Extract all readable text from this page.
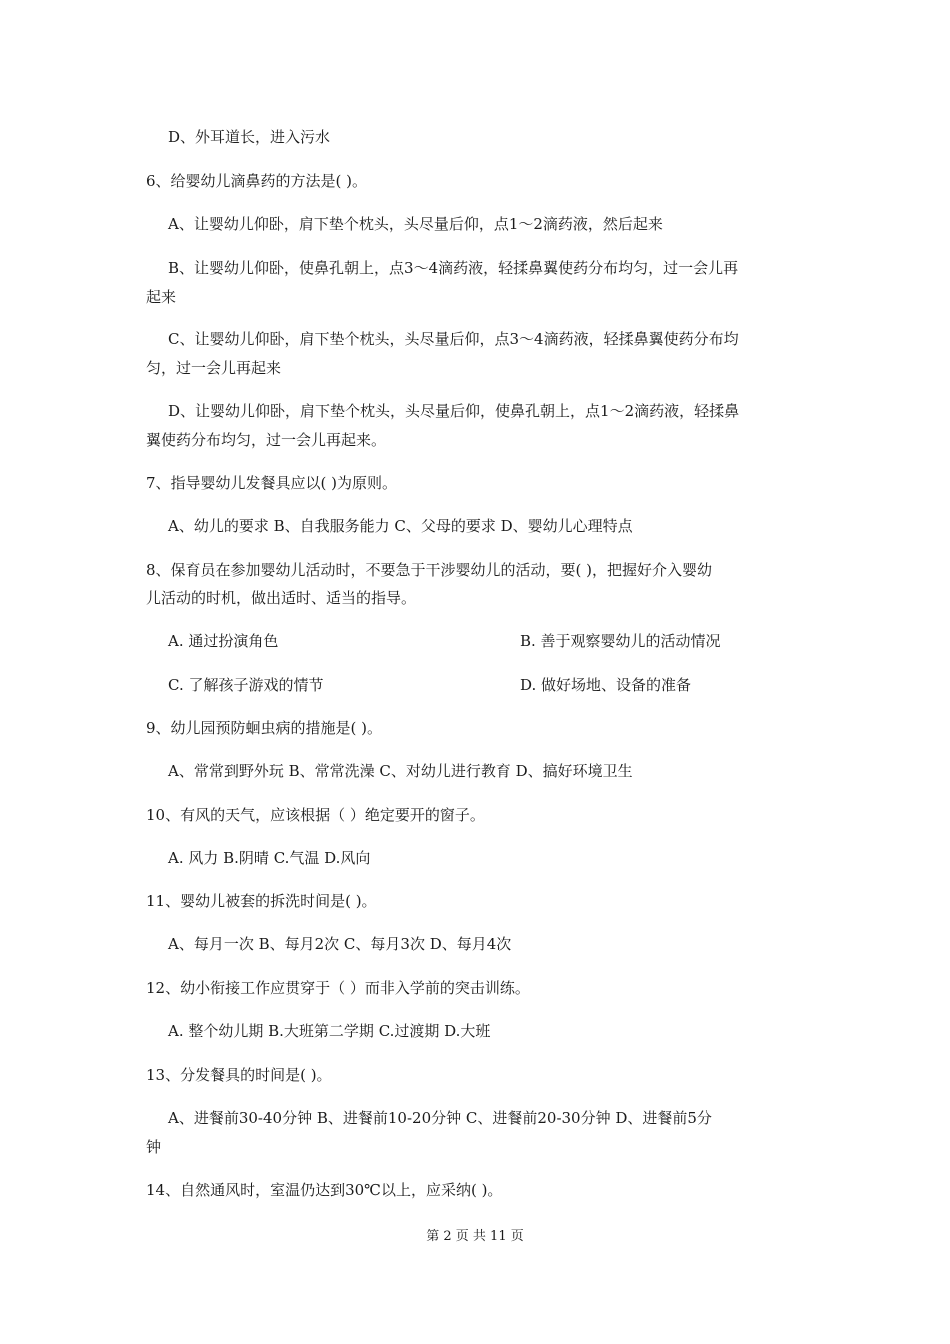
D、外耳道长，进入污水
6、给婴幼儿滴鼻药的方法是( )。
A、让婴幼儿仰卧，肩下垫个枕头，头尽量后仰，点1～2滴药液，然后起来
B、让婴幼儿仰卧，使鼻孔朝上，点3～4滴药液，轻揉鼻翼使药分布均匀，过一会儿再
起来
C、让婴幼儿仰卧，肩下垫个枕头，头尽量后仰，点3～4滴药液，轻揉鼻翼使药分布均
匀，过一会儿再起来
D、让婴幼儿仰卧，肩下垫个枕头，头尽量后仰，使鼻孔朝上，点1～2滴药液，轻揉鼻
翼使药分布均匀，过一会儿再起来。
7、指导婴幼儿发餐具应以( )为原则。
A、幼儿的要求 B、自我服务能力 C、父母的要求 D、婴幼儿心理特点
8、保育员在参加婴幼儿活动时，不要急于干涉婴幼儿的活动，要( )，把握好介入婴幼
儿活动的时机，做出适时、适当的指导。
A. 通过扮演角色	B. 善于观察婴幼儿的活动情况
C. 了解孩子游戏的情节	D. 做好场地、设备的准备
9、幼儿园预防蛔虫病的措施是( )。
A、常常到野外玩 B、常常洗澡 C、对幼儿进行教育 D、搞好环境卫生
10、有风的天气，应该根据（ ）绝定要开的窗子。
A. 风力 B.阴晴 C.气温 D.风向
11、婴幼儿被套的拆洗时间是( )。
A、每月一次 B、每月2次 C、每月3次 D、每月4次
12、幼小衔接工作应贯穿于（ ）而非入学前的突击训练。
A. 整个幼儿期 B.大班第二学期 C.过渡期 D.大班
13、分发餐具的时间是( )。
A、进餐前30-40分钟 B、进餐前10-20分钟 C、进餐前20-30分钟 D、进餐前5分
钟
14、自然通风时，室温仍达到30℃以上，应采纳( )。
第 2 页 共 11 页
